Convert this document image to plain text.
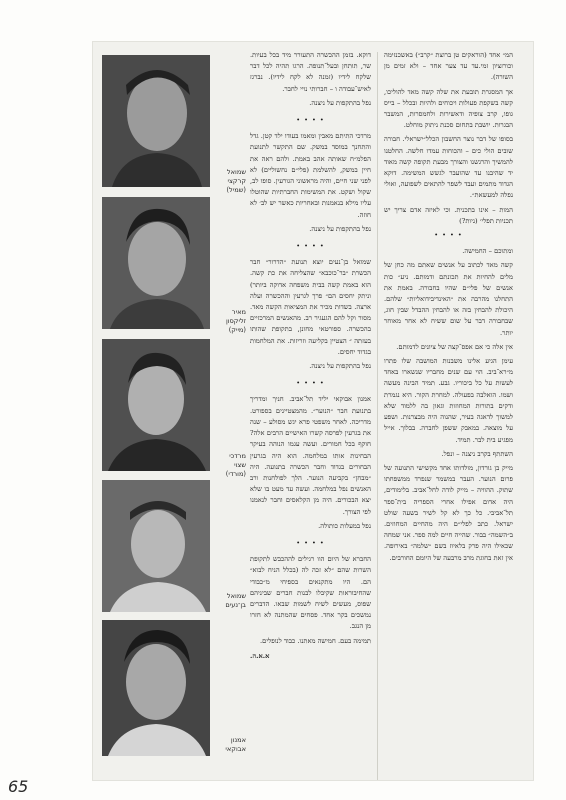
שמואל
קרקצי
(שמיל)
מאיר
זליקסון
(מייק)
מרדכי
שצוי
(מורדי)
שמואל
בן־נעים
אמנון
אבוקאי

דוקא. בזמן ההכשרה התעורר מיד בכל בעיות. שר, תותחן ובעל־תנופה. הרגו תהיה לכל דבר שלקח לידיו (זמנה לא לקח לידיו). נברגז לאיש־עבודה ו – חברותי נויי לחבר.

נפל בהתקפות על ניצנה.
• • • •

מרדכי התיתם מאבין ומאמו בעודו ילד קטן. גדל והתחנך במוסד במשק. שם התקשר לתנועת הפלמ״ח שאותה אהב באמת. ולהם ראה את חיין במשק, להשלמת (פלי״ם נחשוליים) לא לפני שני חיים, והיה מראשוני הגורעין. סופו לב, שקול ושקט. את המשימות החברתיות שהוטלו עליו מילא בנאמנות ובאחריות כאשר יש לב׳ לא חוזה.

נפל בהתקפות על ניצנה.
• • • •

שמואל בן־נעים יוצא תנועת ״הדרור״ חבר הכשרת ״בר־כוכבא״ שהצליחה את כת קשה. הוא באמת קשה בבית משפחה אדוקה ביותר) וניתק יחסים הם״ פרך לגרעין וההכשרה ועלה ארצה. בשדות מכיר את המציאות הקשה מאד. מסור וקל להם הגעגיר רב. מהאנשים המרכזיים בהכשרה. ספורטאי מחונן, בתקופת שהותו בעזתה ״ הצטיין בקליעה וזריזות. את המלחמות בגדוד יחסים.

נפל בהתקפות על ניצנה.
• • • •

אמנון אבוקאי יליד תל־אביב. חניך ומדריך בתנועת חבר ״הנוער״. מהמצטיינים בספורט. מדריכה. לאחר משפטי פרא יגש מסולע – שנה את בגרעין לפרסה קשרו האישיים הרבים אלה? חוקף בכל חמורים. ועשה עגמו הנוהה בעיקר הבחינות אותו במלחמה. הוא היה בגרעין הבחורים בגדוד וחבר הכשרה בתנועה. היה ״מבחן״ בקביעה הנוער. הלך לפולחנות ורב האנשים נפל במלחמה. ועשה עד מעט בו שלא יצא הבכורים. היה מן הקלאסים וחבר לנאמנו לפי הצורך.

נפל במעלות כותולה.
• • • •

החברא של היום הוו רגילים לההכבש לתקופת השרות שהם ״לא זכה לה (בכלל הניח לבוא״ הם. היו מתקנאים בספיחי מ״כבודי שהחיבוראות שקיבלו לבנות חברים שביניהם שפוס, מעשים לשיח לשמות שבאו. הדברים נמשכים בקר אחד. פסחים שהמתנה לא חזרו מן הנגב.

תמימה בעם. חמישה מאתנו. כבוד לנופלים.

א.א.ה.

המ״ אחד (הוראקים טן ברוצת ״קרב״) באשכנזימה וכורזציון זמי.עד עד צער אחד – ולא זמים מן השורה).

אך המסגרת תובעת את שלה קשה מאד להוליכו, קשה בשקפת פעולות ויכוחים ולהיות ובכלל – בייס גופו, קרב צופיה ודאשירות ולחמסרות, המשבר הבגרות. יושבת בתחום סכנת ניתוק מוחלט.

בסופו של דבר נוצר החשבון הכלל״ישראלי. חבורה שובים הולי כים – והכוחות עמדו חלשה. החלטנו להמשיך והרגשנו והצורך מבעת תקופה קשה מאוד יד שהיבנו עד שהועבר לגשש המשימה. דוקא הגדוד מתמים ועבד לשפר להתאים לשפועה, ואולי נפלה למעשאת״.

המות – אינו בתכנית. וכי לאיזה אדם צריך יש תכניות תפלי׳ (ניות?)

• • • •

ומתוכם – החמישה.

קשה מאד לכתוב על אנשים שאתם מה כחן של מלים להחיות את תכונתם ודמותם. ניע״ כות אנשים של פלי״ם שהיו בחבורה. באמת את התחלנו מהרבה את ״האינדיבידואליות״ שלהם. היכולת להבחין בזה או להבחין ההבדל שבין חוג, שבחבורה דבר על שום ששיח לא אחר מאוחר יותר.

אין אלה כי אם אפס־קצה של ציונים לדמותם.

עימן הגיע אלינו משבנות המושבה שלו פתרו מ״רא־ביב. הוי עם שנים מחבריו שנשארו באחד לעשות על כל ביכוריו. גבע. תמיד הבינה מעשה ושמו. הואלבה בפעולה. למחרת הקור. היא נגמרת ודקים בתורות המחוזות וגאון בה ללמוד שלא למשוך לדאגה בעיר, שהנוה היה מבצרנות. ושפע על מוצאה. במאבק ששפן לחברה. בבלוך. אייל מפגיע בית לבר. תמיד.

השתתף בקרב ניצנה – ונפל.

מייק בן גורדון, מולדותו אחד מקשישי התנועה של פרום הנוער. העבר במשמר שנפרד ממשפחתו שתוק. ההוויה – מייק לודה לחל־אביב. בלימודים, היה אדום אפילו אחרי הספריה בית־ספר תל־אביבי. כל כך לא קל לשיר בשעה שולט ישראל. כתב לפלי״ם היה מהחיים המחוזים. ב״השמה״ בבור. שהייה חיים למה ספר. אני שמחה שכאילו היה פרק בלאיוז בשם ״שלמה״ באירופה. אין זאת בחוגת מרב מרבעה של היומם החורבים.

65
